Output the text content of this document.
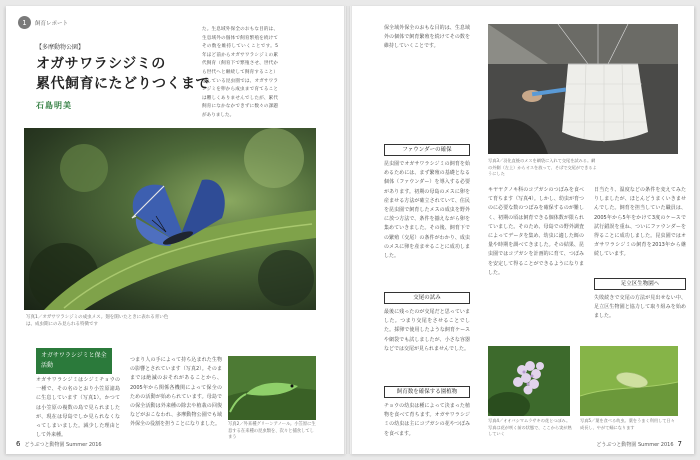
1	飼育レポート
【多摩動物公園】
オガサワラシジミの
累代飼育にたどりつくまで
石島明美
た。生息域外保全のおもな目的は、生息域外の個体で飼育繁殖を続けてその数を維持していくことです。5年ほど前からオガサワラシジミの累代飼育（飼育下で繁殖させ、世代から世代へと継続して飼育すること）をしている昆虫園では、オガサワラシジミを卵から成虫まで育てることは難しくありませんでしたが、累代飼育になかなかできずに数々の課題がありました。
写真1／オガサワラシジミの成虫メス。翅を開いたときに表れる青い色は、成虫期にのみ見られる特徴です
オガサワラシジミと保全活動
オガサワラシジミはシジミチョウの一種で、その名のとおり小笠原諸島に生息しています（写真1）。かつては小笠原の複数の島で見られましたが、現在は母島でしか見られなくなってしまいました。減少した理由として外来種。
つまり人の手によって持ち込まれた生物の影響とされています（写真2）。そのままでは絶滅のおそれがあることから、2005年から関係各機関によって保全のための活動が始められています。母島での保全活動は外来種の除去や植栽の回復などがおこなわれ、多摩動物公園でも域外保全の役割を担うことになりました。	写真2／外来種グリーンアノール。小笠原に生息する在来種の昆虫類を、次々と捕食してしまう
6 どうぶつと動物園 Summer 2016
保全域外保全のおもな目的は、生息域外の個体で飼育繁殖を続けてその数を維持していくことです。
ファウンダーの確保
昆虫園でオガサワラシジミの飼育を始めるためには、まず繁殖の基礎となる個体（ファウンダー）を導入する必要があります。初期の母島のメスに卵を産ませる方法が確立されていて、住民を昆虫園で飼育したメスの成虫を野外に放つ方法で、条件を揃えながら卵を集めていきました。その後、飼育下での繁殖（交尾）の条件がわかり、成虫のメスに卵を産ませることに成功しました。
交尾の試み
最後に残ったのが交尾だと思っていました。つまり交尾をさせることでした。採卵で使用したような飼育ケースや網袋でも試しましたが、小さな容器などでは交尾が見られませんでした。
飼育数を確保する園植物
チョウの幼虫は種によって決まった植物を食べて育ちます。オガサワラシジミの幼虫は主にコブガシの花やつぼみを食べます。
写真3／羽化直後のメスを網袋に入れて交尾を試みる。網の外側（左上）からオスを放って、そばで交尾ができるようにした
キヤヤクノキ科のコブガシのつぼみを食べて育ちます（写真4）。しかし、幼虫が育つのに必要な数のつぼみを確保するのが難しく、初期の頃は飼育できる個体数が限られていました。そのため、母島での野外調査によってデータを集め、幼虫に適した餌の量や時期を調べてきました。その結果、昆虫園ではコブガシを計画的に育て、つぼみを安定して得ることができるようになりました。
日当たり、温度などの条件を変えてみたりしましたが、ほとんどうまくいきませんでした。飼育を担当していた職員は、2005年から5年をかけて3度のケースで試行錯誤を重ね、ついにファウンダーを得ることに成功しました。昆虫園ではオガサワラシジミの飼育を2013年から継続しています。
足立区生物園へ
失敗続きで交尾の方法が見出せない中、足立区生物園と協力して取り組みを始めました。
写真4／オオバシマムラサキの花とつぼみ。写真は花が咲く前の状態で、ここから実が熟していく
写真5／葉を食べる幼虫。葉をうまく利用して日々成長し、やがて蛹になります
どうぶつと動物園 Summer 2016 7
